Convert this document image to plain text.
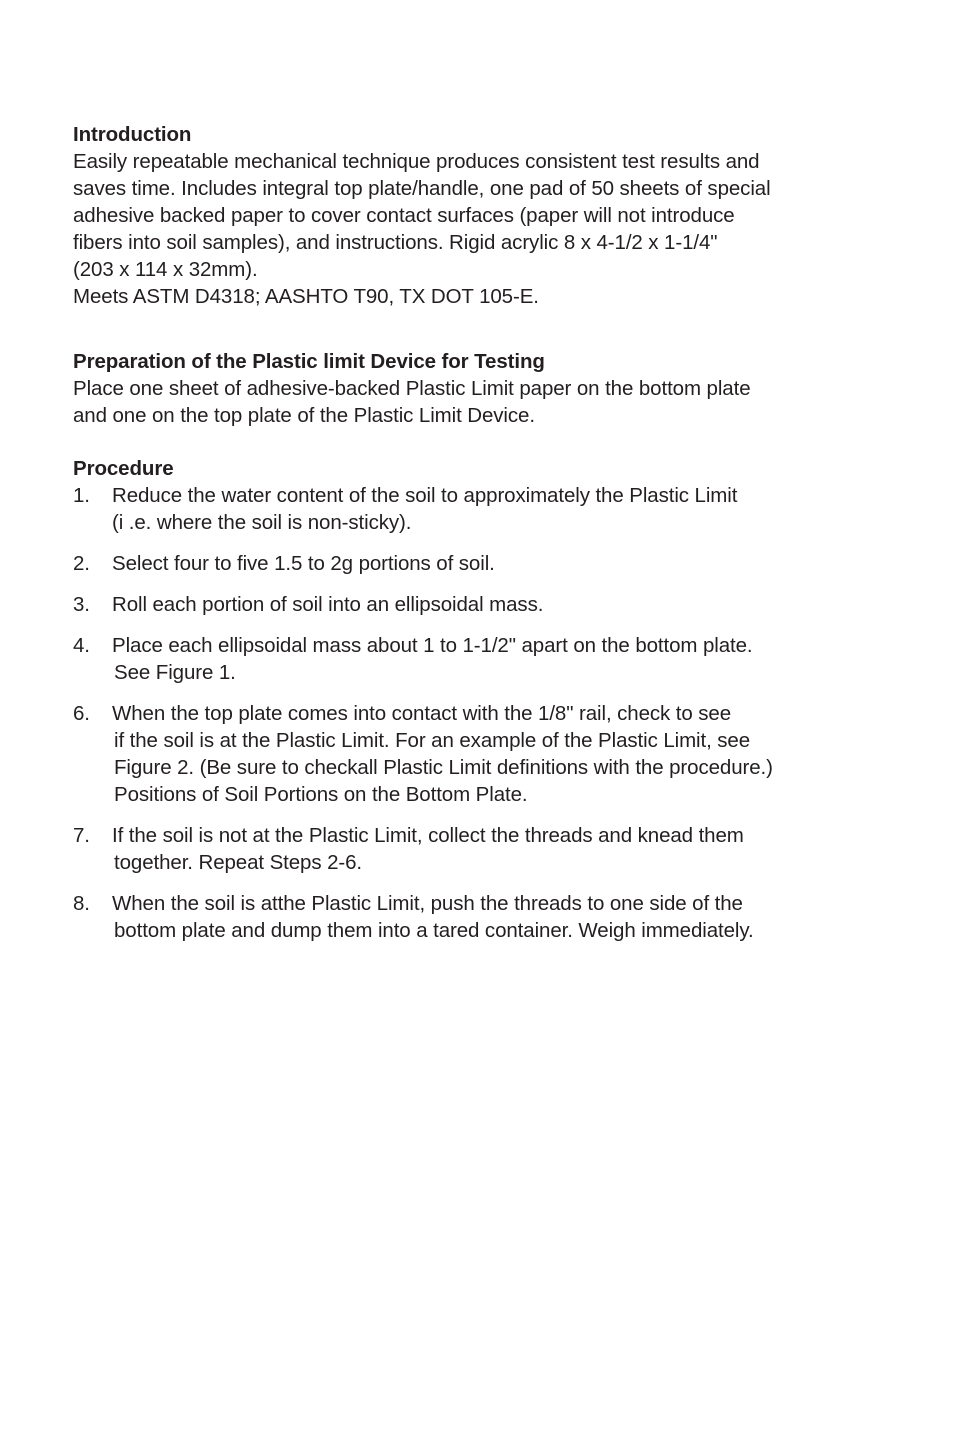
Introduction
Easily repeatable mechanical technique produces consistent test results and
saves time. Includes integral top plate/handle, one pad of 50 sheets of special
adhesive backed paper to cover contact surfaces (paper will not introduce
fibers into soil samples), and instructions. Rigid acrylic 8 x 4-1/2 x 1-1/4"
(203 x 114 x 32mm).
Meets ASTM D4318; AASHTO T90, TX DOT 105-E.
Preparation of the Plastic limit Device for Testing
Place one sheet of adhesive-backed Plastic Limit paper on the bottom plate
and one on the top plate of the Plastic Limit Device.
Procedure
1. Reduce the water content of the soil to approximately the Plastic Limit
(i .e. where the soil is non-sticky).
2. Select four to five 1.5 to 2g portions of soil.
3. Roll each portion of soil into an ellipsoidal mass.
4. Place each ellipsoidal mass about 1 to 1-1/2" apart on the bottom plate.
See Figure 1.
6. When the top plate comes into contact with the 1/8" rail, check to see
if the soil is at the Plastic Limit. For an example of the Plastic Limit, see
Figure 2. (Be sure to checkall Plastic Limit definitions with the procedure.)
Positions of Soil Portions on the Bottom Plate.
7. If the soil is not at the Plastic Limit, collect the threads and knead them
together. Repeat Steps 2-6.
8. When the soil is atthe Plastic Limit, push the threads to one side of the
bottom plate and dump them into a tared container. Weigh immediately.
